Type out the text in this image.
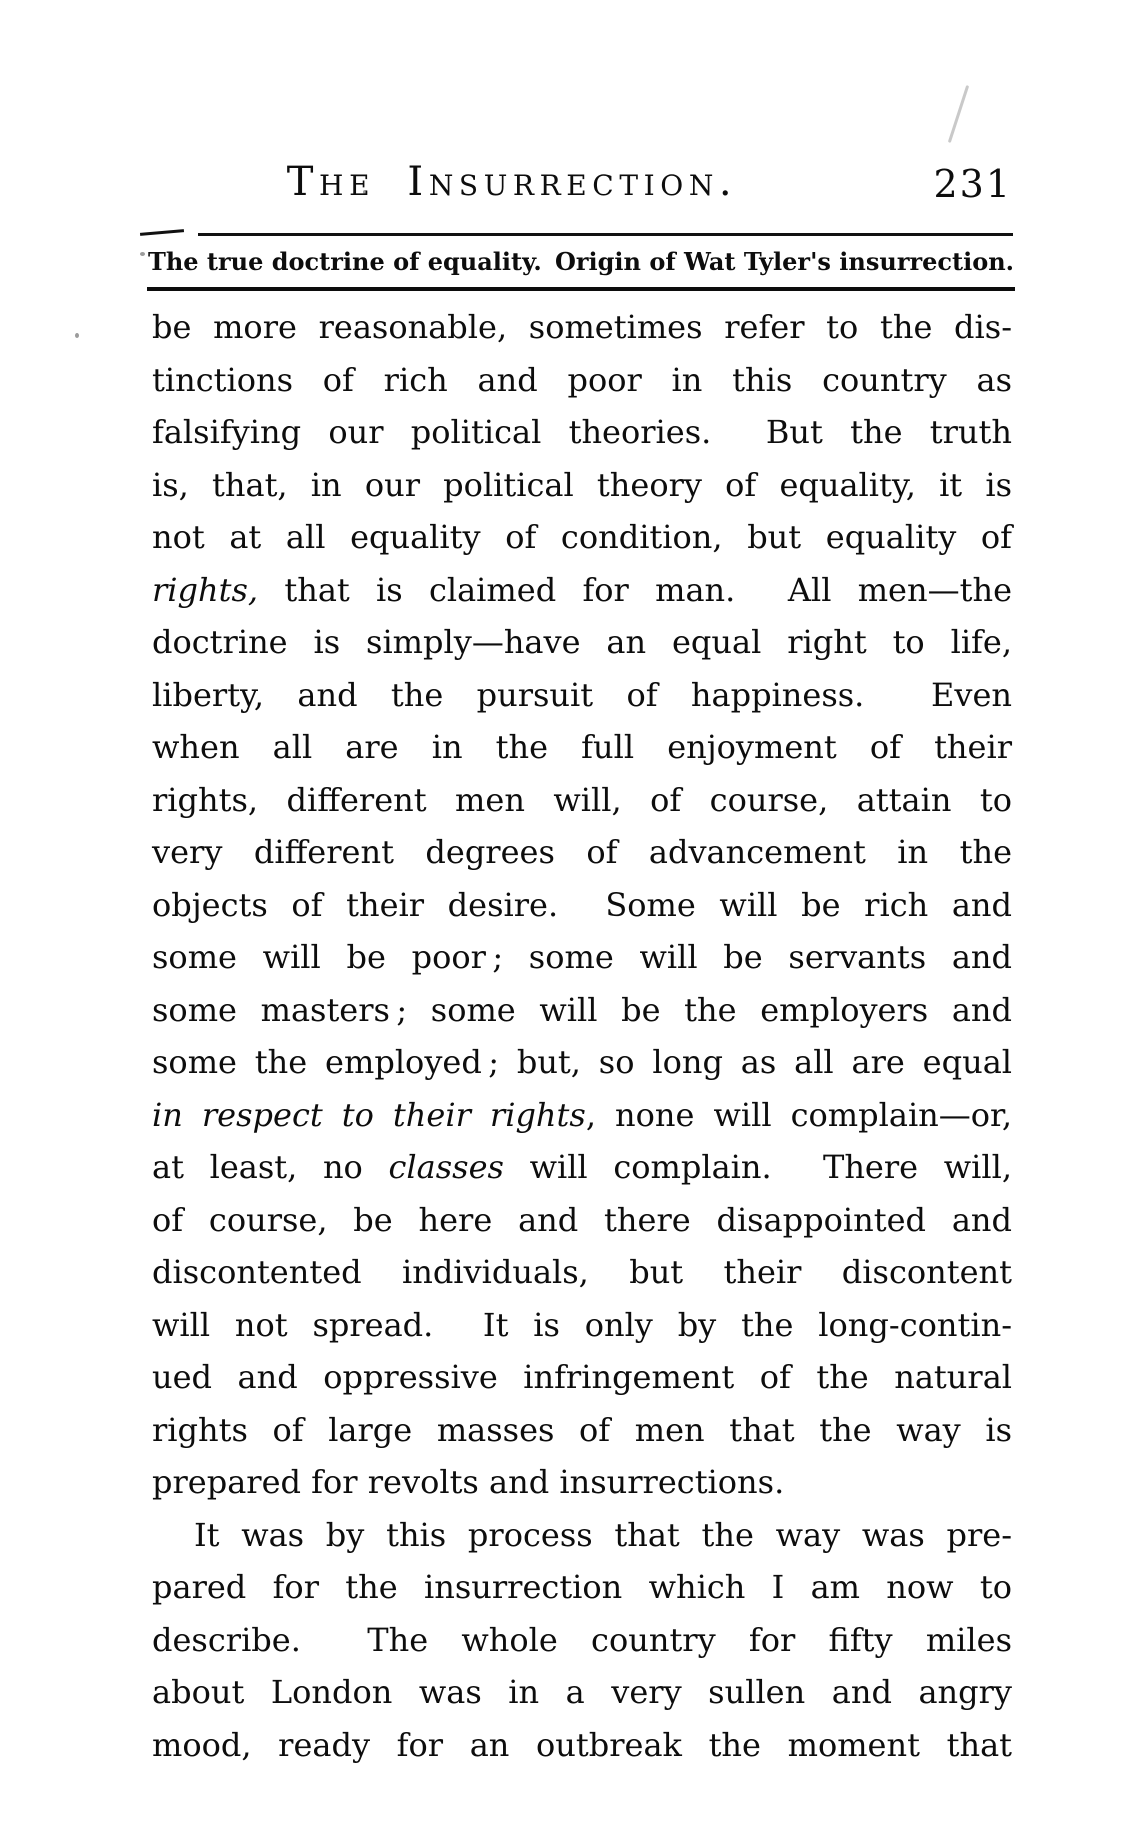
The Insurrection.	231
The true doctrine of equality. Origin of Wat Tyler's insurrection.
be more reasonable, sometimes refer to the dis-
tinctions of rich and poor in this country as
falsifying our political theories.  But the truth
is, that, in our political theory of equality, it is
not at all equality of condition, but equality of
rights, that is claimed for man.  All men—the
doctrine is simply—have an equal right to life,
liberty, and the pursuit of happiness.  Even
when all are in the full enjoyment of their
rights, different men will, of course, attain to
very different degrees of advancement in the
objects of their desire.  Some will be rich and
some will be poor ; some will be servants and
some masters ; some will be the employers and
some the employed ; but, so long as all are equal
in respect to their rights, none will complain—or,
at least, no classes will complain.  There will,
of course, be here and there disappointed and
discontented individuals, but their discontent
will not spread.  It is only by the long-contin-
ued and oppressive infringement of the natural
rights of large masses of men that the way is
prepared for revolts and insurrections.
It was by this process that the way was pre-
pared for the insurrection which I am now to
describe.  The whole country for fifty miles
about London was in a very sullen and angry
mood, ready for an outbreak the moment that
